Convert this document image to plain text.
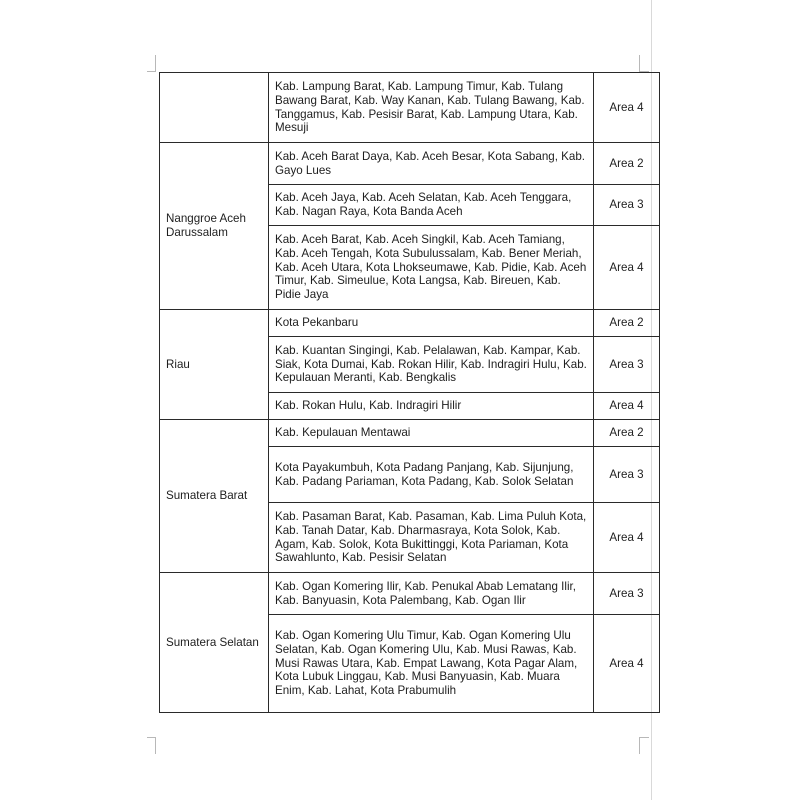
	Kab. Lampung Barat, Kab. Lampung Timur, Kab. Tulang Bawang Barat, Kab. Way Kanan, Kab. Tulang Bawang, Kab. Tanggamus, Kab. Pesisir Barat, Kab. Lampung Utara, Kab. Mesuji	Area 4
Nanggroe Aceh Darussalam	Kab. Aceh Barat Daya, Kab. Aceh Besar, Kota Sabang, Kab. Gayo Lues	Area 2
	Kab. Aceh Jaya, Kab. Aceh Selatan, Kab. Aceh Tenggara, Kab. Nagan Raya, Kota Banda Aceh	Area 3
	Kab. Aceh Barat, Kab. Aceh Singkil, Kab. Aceh Tamiang, Kab. Aceh Tengah, Kota Subulussalam, Kab. Bener Meriah, Kab. Aceh Utara, Kota Lhokseumawe, Kab. Pidie, Kab. Aceh Timur, Kab. Simeulue, Kota Langsa, Kab. Bireuen, Kab. Pidie Jaya	Area 4
Riau	Kota Pekanbaru	Area 2
	Kab. Kuantan Singingi, Kab. Pelalawan, Kab. Kampar, Kab. Siak, Kota Dumai, Kab. Rokan Hilir, Kab. Indragiri Hulu, Kab. Kepulauan Meranti, Kab. Bengkalis	Area 3
	Kab. Rokan Hulu, Kab. Indragiri Hilir	Area 4
Sumatera Barat	Kab. Kepulauan Mentawai	Area 2
	Kota Payakumbuh, Kota Padang Panjang, Kab. Sijunjung, Kab. Padang Pariaman, Kota Padang, Kab. Solok Selatan	Area 3
	Kab. Pasaman Barat, Kab. Pasaman, Kab. Lima Puluh Kota, Kab. Tanah Datar, Kab. Dharmasraya, Kota Solok, Kab. Agam, Kab. Solok, Kota Bukittinggi, Kota Pariaman, Kota Sawahlunto, Kab. Pesisir Selatan	Area 4
Sumatera Selatan	Kab. Ogan Komering Ilir, Kab. Penukal Abab Lematang Ilir, Kab. Banyuasin, Kota Palembang, Kab. Ogan Ilir	Area 3
	Kab. Ogan Komering Ulu Timur, Kab. Ogan Komering Ulu Selatan, Kab. Ogan Komering Ulu, Kab. Musi Rawas, Kab. Musi Rawas Utara, Kab. Empat Lawang, Kota Pagar Alam, Kota Lubuk Linggau, Kab. Musi Banyuasin, Kab. Muara Enim, Kab. Lahat, Kota Prabumulih	Area 4
